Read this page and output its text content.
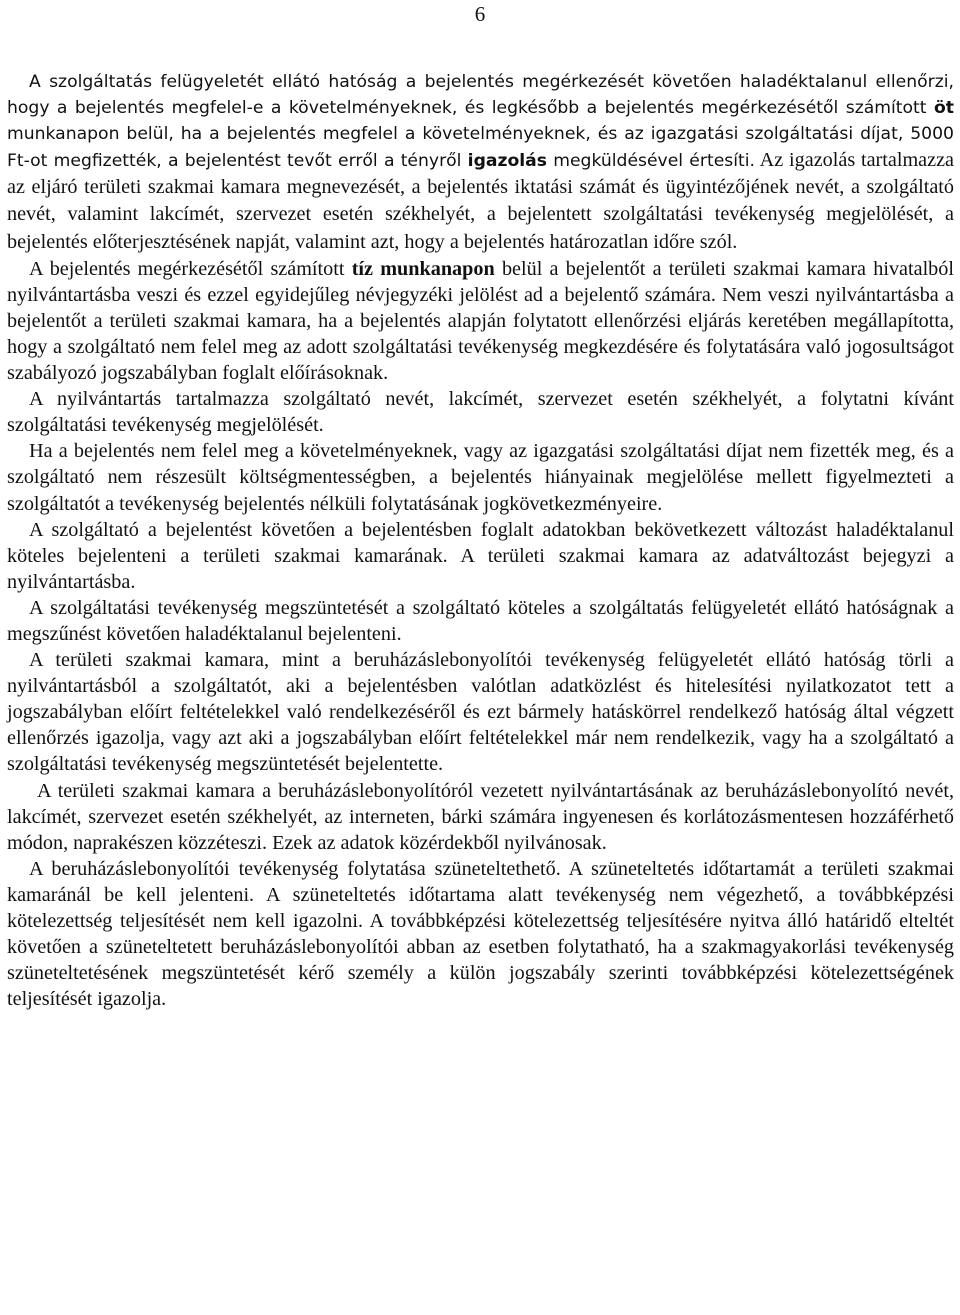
6

A szolgáltatás felügyeletét ellátó hatóság a bejelentés megérkezését követően haladéktalanul ellenőrzi, hogy a bejelentés megfelel-e a követelményeknek, és legkésőbb a bejelentés megérkezésétől számított öt munkanapon belül, ha a bejelentés megfelel a követelményeknek, és az igazgatási szolgáltatási díjat, 5000 Ft-ot megfizették, a bejelentést tevőt erről a tényről igazolás megküldésével értesíti. Az igazolás tartalmazza az eljáró területi szakmai kamara megnevezését, a bejelentés iktatási számát és ügyintézőjének nevét, a szolgáltató nevét, valamint lakcímét, szervezet esetén székhelyét, a bejelentett szolgáltatási tevékenység megjelölését, a bejelentés előterjesztésének napját, valamint azt, hogy a bejelentés határozatlan időre szól.

A bejelentés megérkezésétől számított tíz munkanapon belül a bejelentőt a területi szakmai kamara hivatalból nyilvántartásba veszi és ezzel egyidejűleg névjegyzéki jelölést ad a bejelentő számára. Nem veszi nyilvántartásba a bejelentőt a területi szakmai kamara, ha a bejelentés alapján folytatott ellenőrzési eljárás keretében megállapította, hogy a szolgáltató nem felel meg az adott szolgáltatási tevékenység megkezdésére és folytatására való jogosultságot szabályozó jogszabályban foglalt előírásoknak.

A nyilvántartás tartalmazza szolgáltató nevét, lakcímét, szervezet esetén székhelyét, a folytatni kívánt szolgáltatási tevékenység megjelölését.

Ha a bejelentés nem felel meg a követelményeknek, vagy az igazgatási szolgáltatási díjat nem fizették meg, és a szolgáltató nem részesült költségmentességben, a bejelentés hiányainak megjelölése mellett figyelmezteti a szolgáltatót a tevékenység bejelentés nélküli folytatásának jogkövetkezményeire.

A szolgáltató a bejelentést követően a bejelentésben foglalt adatokban bekövetkezett változást haladéktalanul köteles bejelenteni a területi szakmai kamarának. A területi szakmai kamara az adatváltozást bejegyzi a nyilvántartásba.

A szolgáltatási tevékenység megszüntetését a szolgáltató köteles a szolgáltatás felügyeletét ellátó hatóságnak a megszűnést követően haladéktalanul bejelenteni.

A területi szakmai kamara, mint a beruházáslebonyolítói tevékenység felügyeletét ellátó hatóság törli a nyilvántartásból a szolgáltatót, aki a bejelentésben valótlan adatközlést és hitelesítési nyilatkozatot tett a jogszabályban előírt feltételekkel való rendelkezéséről és ezt bármely hatáskörrel rendelkező hatóság által végzett ellenőrzés igazolja, vagy azt aki a jogszabályban előírt feltételekkel már nem rendelkezik, vagy ha a szolgáltató a szolgáltatási tevékenység megszüntetését bejelentette.

A területi szakmai kamara a beruházáslebonyolítóról vezetett nyilvántartásának az beruházáslebonyolító nevét, lakcímét, szervezet esetén székhelyét, az interneten, bárki számára ingyenesen és korlátozásmentesen hozzáférhető módon, naprakészen közzéteszi. Ezek az adatok közérdekből nyilvánosak.

A beruházáslebonyolítói tevékenység folytatása szüneteltethető. A szüneteltetés időtartamát a területi szakmai kamaránál be kell jelenteni. A szüneteltetés időtartama alatt tevékenység nem végezhető, a továbbképzési kötelezettség teljesítését nem kell igazolni. A továbbképzési kötelezettség teljesítésére nyitva álló határidő elteltét követően a szüneteltetett beruházáslebonyolítói abban az esetben folytatható, ha a szakmagyakorlási tevékenység szüneteltetésének megszüntetését kérő személy a külön jogszabály szerinti továbbképzési kötelezettségének teljesítését igazolja.
